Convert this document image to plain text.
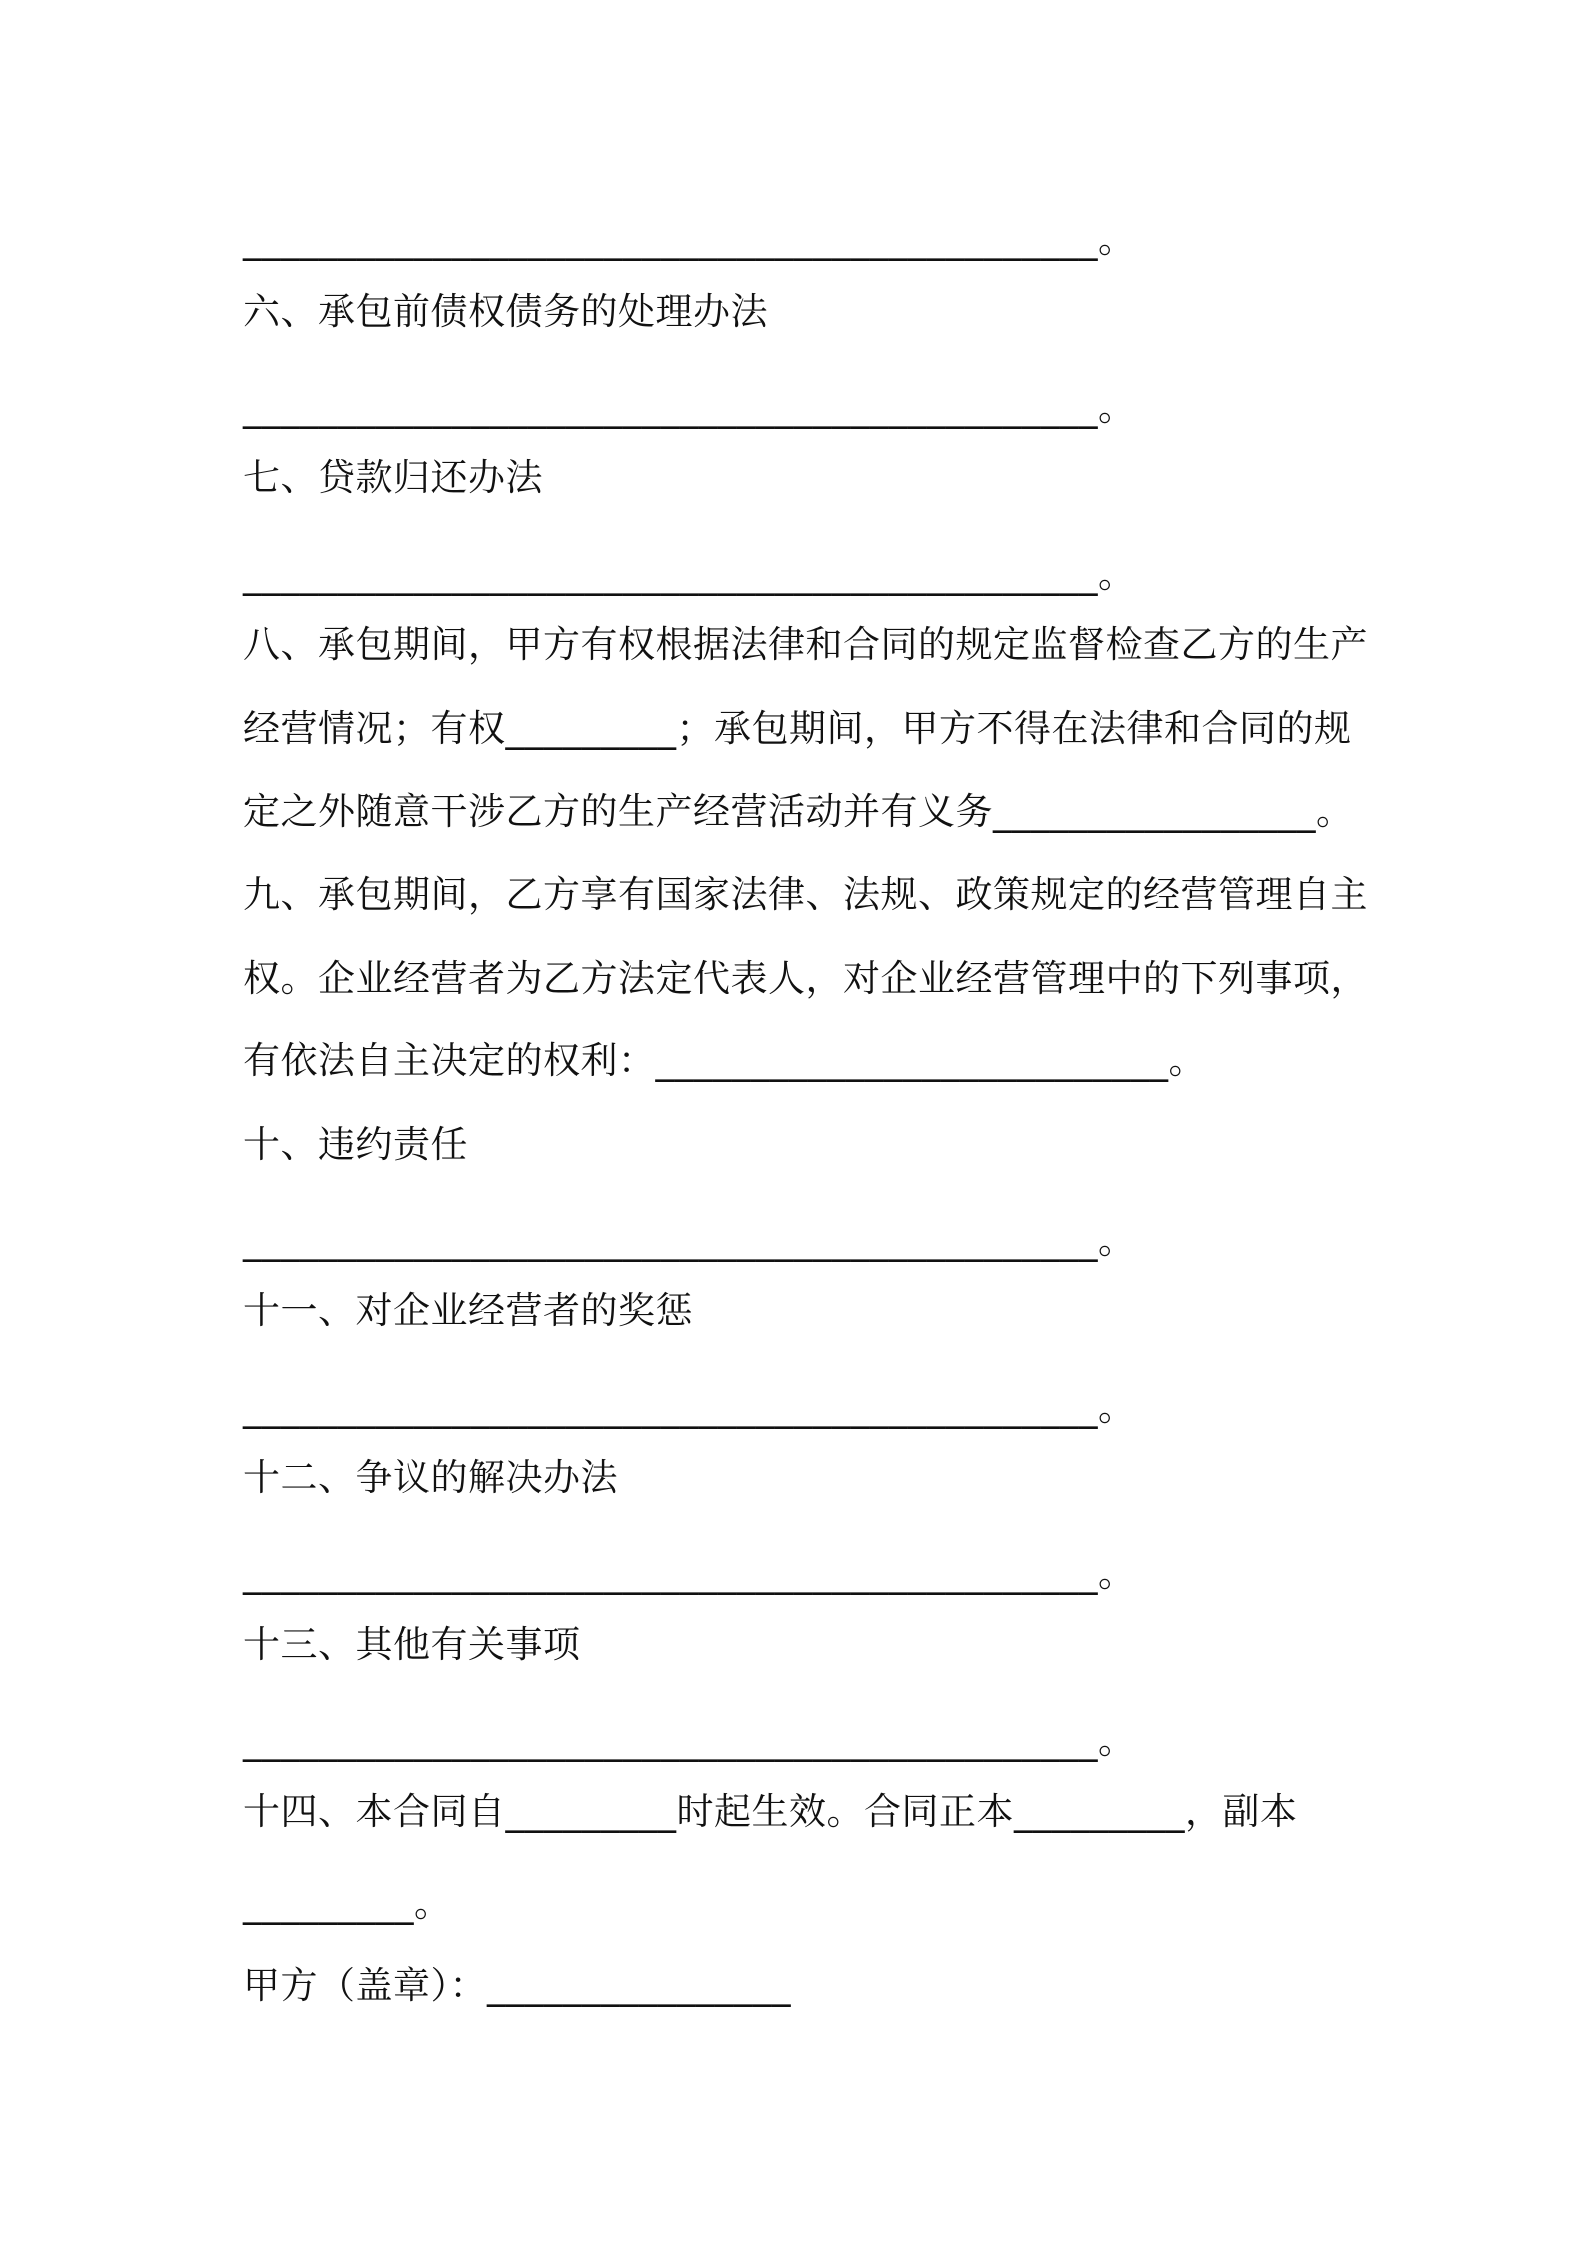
_____________________________________________。
六、承包前债权债务的处理办法
_____________________________________________。
七、贷款归还办法
_____________________________________________。
八、承包期间，甲方有权根据法律和合同的规定监督检查乙方的生产
经营情况；有权_________；承包期间，甲方不得在法律和合同的规
定之外随意干涉乙方的生产经营活动并有义务_________________。
九、承包期间，乙方享有国家法律、法规、政策规定的经营管理自主
权。企业经营者为乙方法定代表人，对企业经营管理中的下列事项，
有依法自主决定的权利：___________________________。
十、违约责任
_____________________________________________。
十一、对企业经营者的奖惩
_____________________________________________。
十二、争议的解决办法
_____________________________________________。
十三、其他有关事项
_____________________________________________。
十四、本合同自_________时起生效。合同正本_________，副本
_________。
甲方（盖章）：________________
